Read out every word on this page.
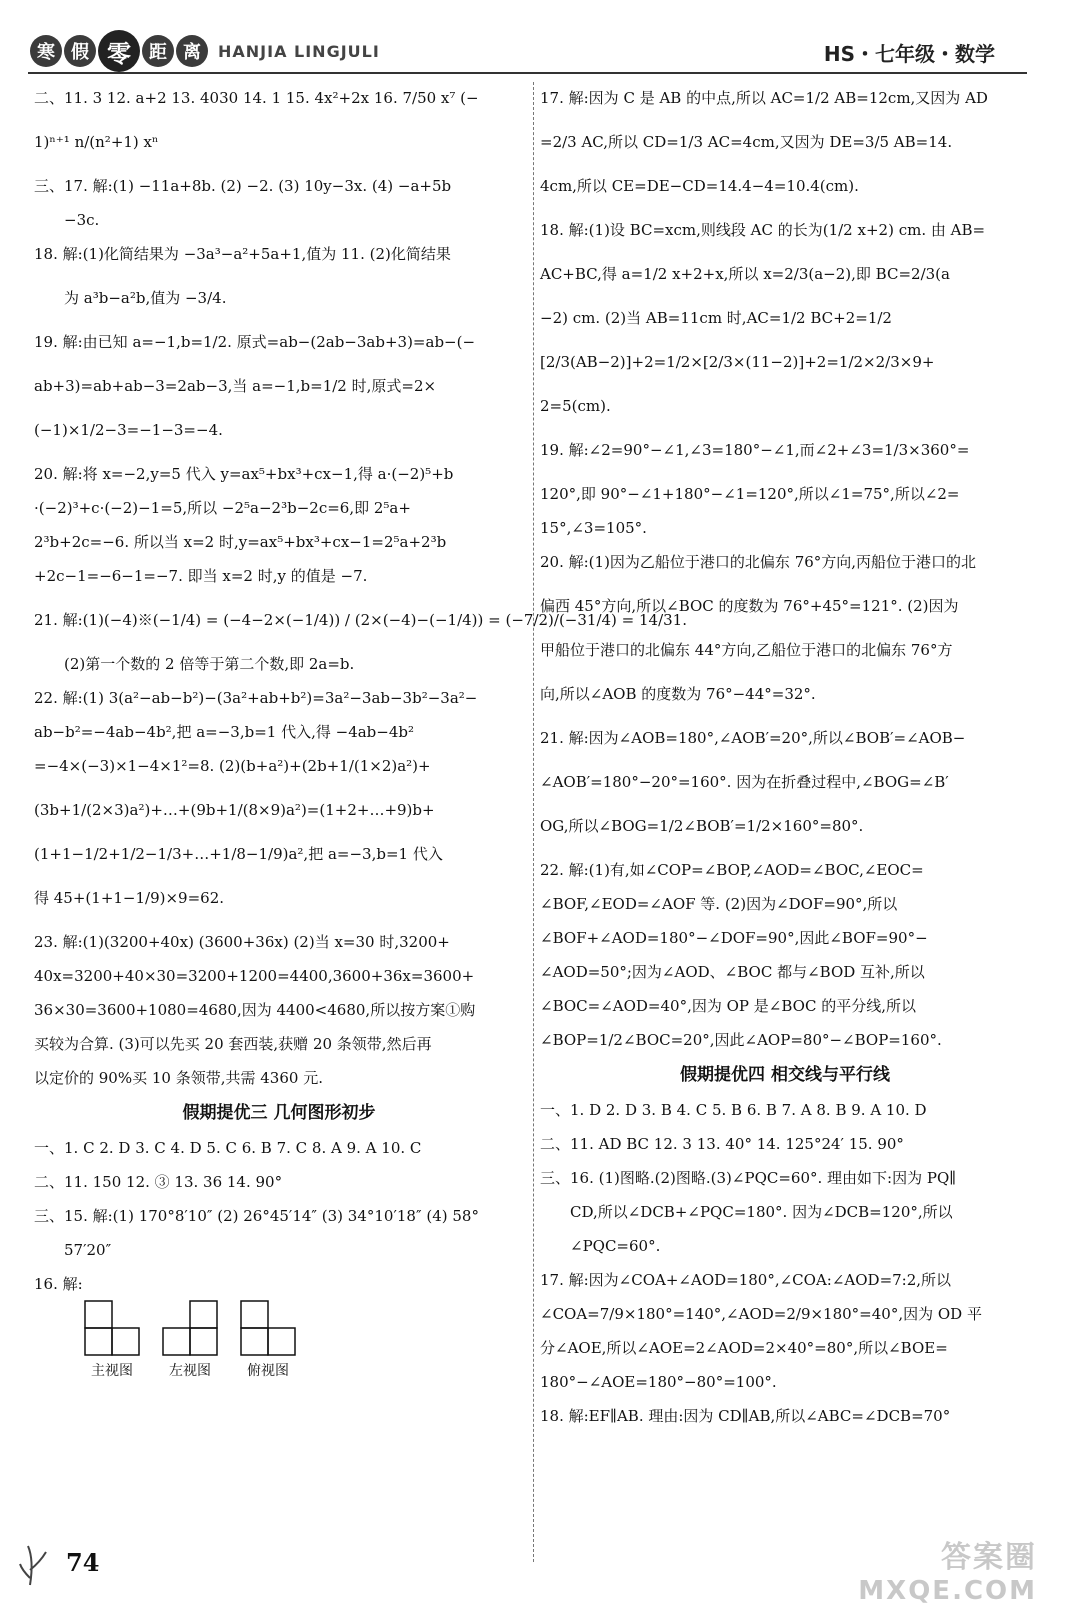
寒 假 零	距 离	HANJIA LINGJULI	HS・七年级・数学
二、11. 3 12. a+2 13. 4030 14. 1 15. 4x²+2x 16. 7/50 x⁷ (−
1)ⁿ⁺¹ n/(n²+1) xⁿ
三、17. 解:(1) −11a+8b. (2) −2. (3) 10y−3x. (4) −a+5b
−3c.
18. 解:(1)化简结果为 −3a³−a²+5a+1,值为 11. (2)化简结果
为 a³b−a²b,值为 −3/4.
19. 解:由已知 a=−1,b=1/2. 原式=ab−(2ab−3ab+3)=ab−(−
ab+3)=ab+ab−3=2ab−3,当 a=−1,b=1/2 时,原式=2×
(−1)×1/2−3=−1−3=−4.
20. 解:将 x=−2,y=5 代入 y=ax⁵+bx³+cx−1,得 a·(−2)⁵+b
·(−2)³+c·(−2)−1=5,所以 −2⁵a−2³b−2c=6,即 2⁵a+
2³b+2c=−6. 所以当 x=2 时,y=ax⁵+bx³+cx−1=2⁵a+2³b
+2c−1=−6−1=−7. 即当 x=2 时,y 的值是 −7.
21. 解:(1)(−4)※(−1/4) = (−4−2×(−1/4)) / (2×(−4)−(−1/4)) = (−7/2)/(−31/4) = 14/31.
(2)第一个数的 2 倍等于第二个数,即 2a=b.
22. 解:(1) 3(a²−ab−b²)−(3a²+ab+b²)=3a²−3ab−3b²−3a²−
ab−b²=−4ab−4b²,把 a=−3,b=1 代入,得 −4ab−4b²
=−4×(−3)×1−4×1²=8. (2)(b+a²)+(2b+1/(1×2)a²)+
(3b+1/(2×3)a²)+…+(9b+1/(8×9)a²)=(1+2+…+9)b+
(1+1−1/2+1/2−1/3+…+1/8−1/9)a²,把 a=−3,b=1 代入
得 45+(1+1−1/9)×9=62.
23. 解:(1)(3200+40x) (3600+36x) (2)当 x=30 时,3200+
40x=3200+40×30=3200+1200=4400,3600+36x=3600+
36×30=3600+1080=4680,因为 4400<4680,所以按方案①购
买较为合算. (3)可以先买 20 套西装,获赠 20 条领带,然后再
以定价的 90%买 10 条领带,共需 4360 元.
假期提优三 几何图形初步
一、1. C 2. D 3. C 4. D 5. C 6. B 7. C 8. A 9. A 10. C
二、11. 150 12. ③ 13. 36 14. 90°
三、15. 解:(1) 170°8′10″ (2) 26°45′14″ (3) 34°10′18″ (4) 58°
57′20″
16. 解:
主视图	左视图	俯视图
17. 解:因为 C 是 AB 的中点,所以 AC=1/2 AB=12cm,又因为 AD
=2/3 AC,所以 CD=1/3 AC=4cm,又因为 DE=3/5 AB=14.
4cm,所以 CE=DE−CD=14.4−4=10.4(cm).
18. 解:(1)设 BC=xcm,则线段 AC 的长为(1/2 x+2) cm. 由 AB=
AC+BC,得 a=1/2 x+2+x,所以 x=2/3(a−2),即 BC=2/3(a
−2) cm. (2)当 AB=11cm 时,AC=1/2 BC+2=1/2
[2/3(AB−2)]+2=1/2×[2/3×(11−2)]+2=1/2×2/3×9+
2=5(cm).
19. 解:∠2=90°−∠1,∠3=180°−∠1,而∠2+∠3=1/3×360°=
120°,即 90°−∠1+180°−∠1=120°,所以∠1=75°,所以∠2=
15°,∠3=105°.
20. 解:(1)因为乙船位于港口的北偏东 76°方向,丙船位于港口的北
偏西 45°方向,所以∠BOC 的度数为 76°+45°=121°. (2)因为
甲船位于港口的北偏东 44°方向,乙船位于港口的北偏东 76°方
向,所以∠AOB 的度数为 76°−44°=32°.
21. 解:因为∠AOB=180°,∠AOB′=20°,所以∠BOB′=∠AOB−
∠AOB′=180°−20°=160°. 因为在折叠过程中,∠BOG=∠B′
OG,所以∠BOG=1/2∠BOB′=1/2×160°=80°.
22. 解:(1)有,如∠COP=∠BOP,∠AOD=∠BOC,∠EOC=
∠BOF,∠EOD=∠AOF 等. (2)因为∠DOF=90°,所以
∠BOF+∠AOD=180°−∠DOF=90°,因此∠BOF=90°−
∠AOD=50°;因为∠AOD、∠BOC 都与∠BOD 互补,所以
∠BOC=∠AOD=40°,因为 OP 是∠BOC 的平分线,所以
∠BOP=1/2∠BOC=20°,因此∠AOP=80°−∠BOP=160°.
假期提优四 相交线与平行线
一、1. D 2. D 3. B 4. C 5. B 6. B 7. A 8. B 9. A 10. D
二、11. AD BC 12. 3 13. 40° 14. 125°24′ 15. 90°
三、16. (1)图略.(2)图略.(3)∠PQC=60°. 理由如下:因为 PQ∥
CD,所以∠DCB+∠PQC=180°. 因为∠DCB=120°,所以
∠PQC=60°.
17. 解:因为∠COA+∠AOD=180°,∠COA:∠AOD=7:2,所以
∠COA=7/9×180°=140°,∠AOD=2/9×180°=40°,因为 OD 平
分∠AOE,所以∠AOE=2∠AOD=2×40°=80°,所以∠BOE=
180°−∠AOE=180°−80°=100°.
18. 解:EF∥AB. 理由:因为 CD∥AB,所以∠ABC=∠DCB=70°
74	答案圈
MXQE.COM
